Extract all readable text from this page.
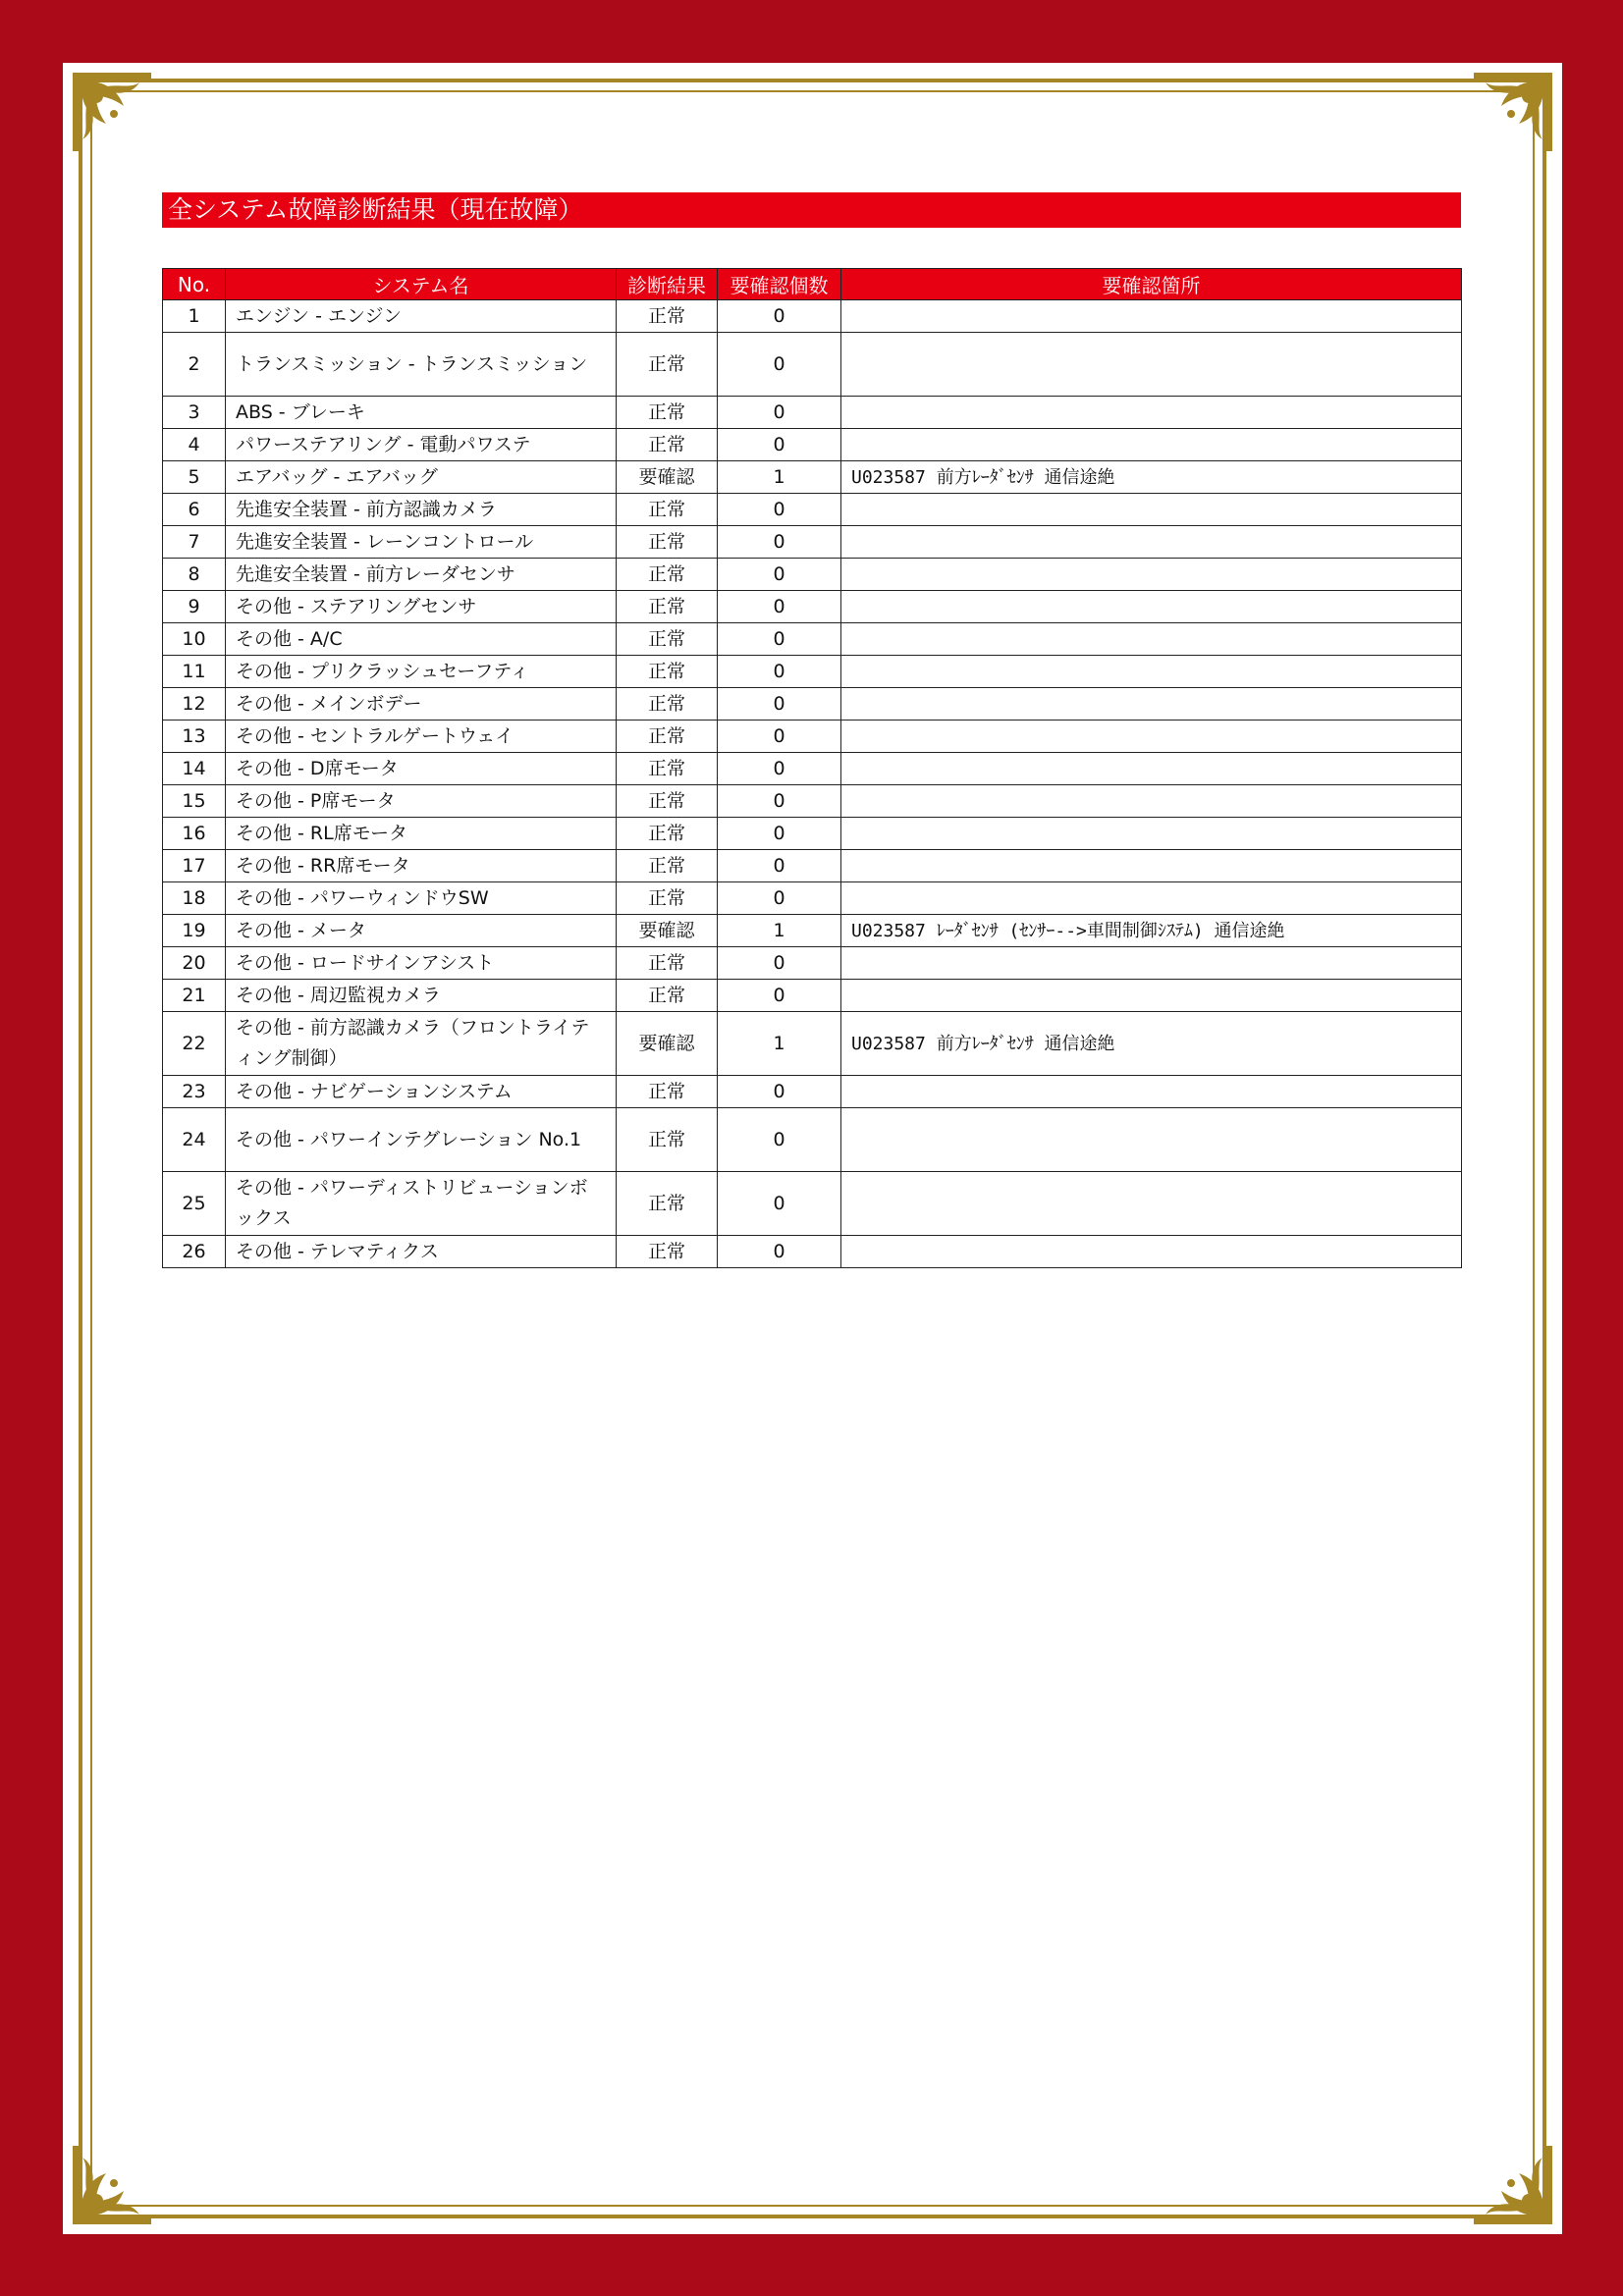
全システム故障診断結果（現在故障）
No.	システム名	診断結果	要確認個数	要確認箇所
1	エンジン - エンジン	正常	0	
2	トランスミッション - トランスミッション	正常	0	
3	ABS - ブレーキ	正常	0	
4	パワーステアリング - 電動パワステ	正常	0	
5	エアバッグ - エアバッグ	要確認	1	U023587 前方ﾚｰﾀﾞｾﾝｻ 通信途絶
6	先進安全装置 - 前方認識カメラ	正常	0	
7	先進安全装置 - レーンコントロール	正常	0	
8	先進安全装置 - 前方レーダセンサ	正常	0	
9	その他 - ステアリングセンサ	正常	0	
10	その他 - A/C	正常	0	
11	その他 - プリクラッシュセーフティ	正常	0	
12	その他 - メインボデー	正常	0	
13	その他 - セントラルゲートウェイ	正常	0	
14	その他 - D席モータ	正常	0	
15	その他 - P席モータ	正常	0	
16	その他 - RL席モータ	正常	0	
17	その他 - RR席モータ	正常	0	
18	その他 - パワーウィンドウSW	正常	0	
19	その他 - メータ	要確認	1	U023587 ﾚｰﾀﾞｾﾝｻ (ｾﾝｻｰ-->車間制御ｼｽﾃﾑ) 通信途絶
20	その他 - ロードサインアシスト	正常	0	
21	その他 - 周辺監視カメラ	正常	0	
22	その他 - 前方認識カメラ（フロントライティング制御）	要確認	1	U023587 前方ﾚｰﾀﾞｾﾝｻ 通信途絶
23	その他 - ナビゲーションシステム	正常	0	
24	その他 - パワーインテグレーション No.1	正常	0	
25	その他 - パワーディストリビューションボックス	正常	0	
26	その他 - テレマティクス	正常	0	
